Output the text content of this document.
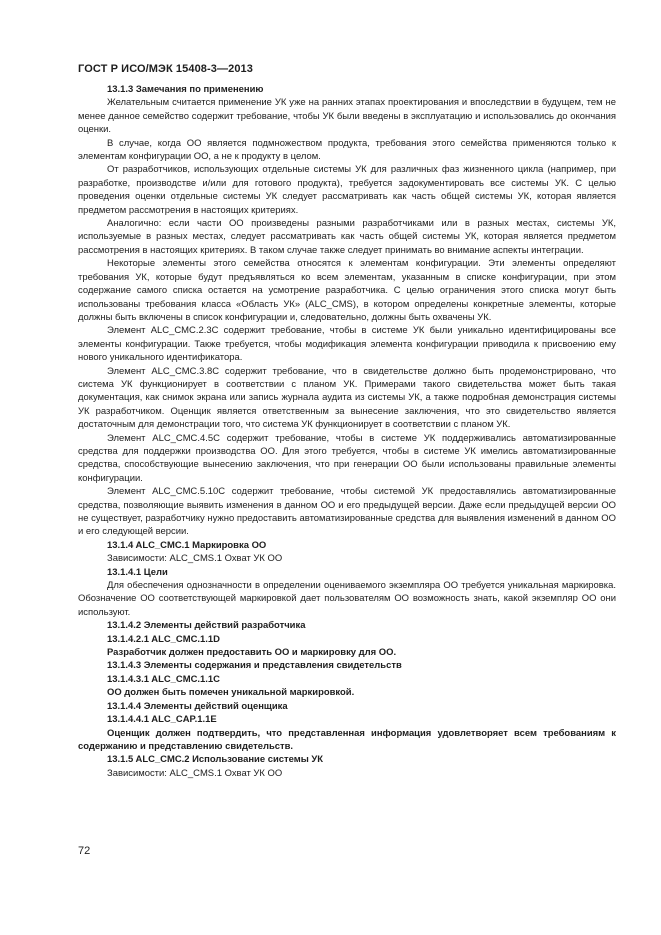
ГОСТ Р ИСО/МЭК 15408-3—2013

13.1.3 Замечания по применению

Желательным считается применение УК уже на ранних этапах проектирования и впоследствии в будущем, тем не менее данное семейство содержит требование, чтобы УК были введены в эксплуатацию и использовались до окончания оценки.

В случае, когда ОО является подмножеством продукта, требования этого семейства применяются только к элементам конфигурации ОО, а не к продукту в целом.

От разработчиков, использующих отдельные системы УК для различных фаз жизненного цикла (например, при разработке, производстве и/или для готового продукта), требуется задокументировать все системы УК. С целью проведения оценки отдельные системы УК следует рассматривать как часть общей системы УК, которая является предметом рассмотрения в настоящих критериях.

Аналогично: если части ОО произведены разными разработчиками или в разных местах, системы УК, используемые в разных местах, следует рассматривать как часть общей системы УК, которая является предметом рассмотрения в настоящих критериях. В таком случае также следует принимать во внимание аспекты интеграции.

Некоторые элементы этого семейства относятся к элементам конфигурации. Эти элементы определяют требования УК, которые будут предъявляться ко всем элементам, указанным в списке конфигурации, при этом содержание самого списка остается на усмотрение разработчика. С целью ограничения этого списка могут быть использованы требования класса «Область УК» (ALC_CMS), в котором определены конкретные элементы, которые должны быть включены в список конфигурации и, следовательно, должны быть охвачены УК.

Элемент ALC_CMC.2.3C содержит требование, чтобы в системе УК были уникально идентифицированы все элементы конфигурации. Также требуется, чтобы модификация элемента конфигурации приводила к присвоению ему нового уникального идентификатора.

Элемент ALC_CMC.3.8C содержит требование, что в свидетельстве должно быть продемонстрировано, что система УК функционирует в соответствии с планом УК. Примерами такого свидетельства может быть такая документация, как снимок экрана или запись журнала аудита из системы УК, а также подробная демонстрация системы УК разработчиком. Оценщик является ответственным за вынесение заключения, что это свидетельство является достаточным для демонстрации того, что система УК функционирует в соответствии с планом УК.

Элемент ALC_CMC.4.5C содержит требование, чтобы в системе УК поддерживались автоматизированные средства для поддержки производства ОО. Для этого требуется, чтобы в системе УК имелись автоматизированные средства, способствующие вынесению заключения, что при генерации ОО были использованы правильные элементы конфигурации.

Элемент ALC_CMC.5.10C содержит требование, чтобы системой УК предоставлялись автоматизированные средства, позволяющие выявить изменения в данном ОО и его предыдущей версии. Даже если предыдущей версии ОО не существует, разработчику нужно предоставить автоматизированные средства для выявления изменений в данном ОО и его следующей версии.

13.1.4 ALC_CMC.1 Маркировка ОО

Зависимости: ALC_CMS.1 Охват УК ОО

13.1.4.1 Цели

Для обеспечения однозначности в определении оцениваемого экземпляра ОО требуется уникальная маркировка. Обозначение ОО соответствующей маркировкой дает пользователям ОО возможность знать, какой экземпляр ОО они используют.

13.1.4.2 Элементы действий разработчика

13.1.4.2.1 ALC_CMC.1.1D

Разработчик должен предоставить ОО и маркировку для ОО.

13.1.4.3 Элементы содержания и представления свидетельств

13.1.4.3.1 ALC_CMC.1.1C

ОО должен быть помечен уникальной маркировкой.

13.1.4.4 Элементы действий оценщика

13.1.4.4.1 ALC_CAP.1.1E

Оценщик должен подтвердить, что представленная информация удовлетворяет всем требованиям к содержанию и представлению свидетельств.

13.1.5 ALC_CMC.2 Использование системы УК

Зависимости: ALC_CMS.1 Охват УК ОО

72
